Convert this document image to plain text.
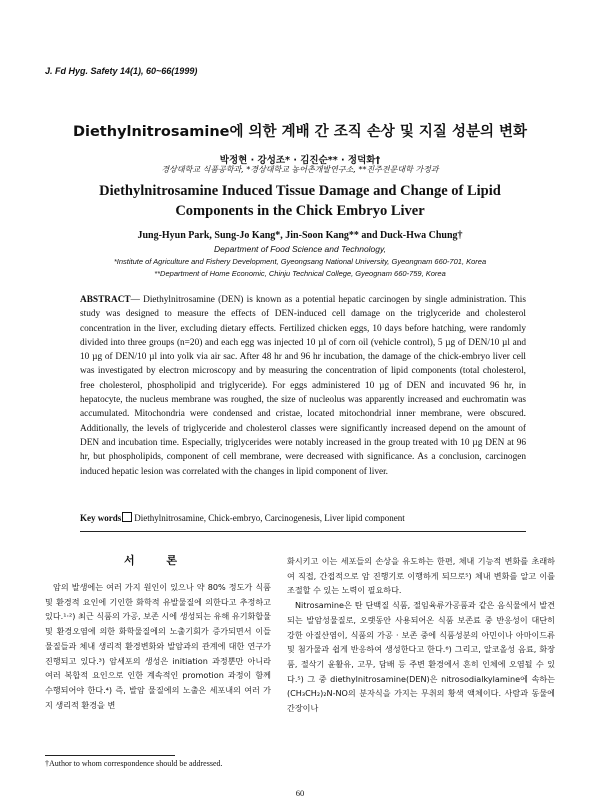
J. Fd Hyg. Safety 14(1), 60~66(1999)
Diethylnitrosamine에 의한 계배 간 조직 손상 및 지질 성분의 변화
박정현 · 강성조* · 김진순** · 정덕화†
경상대학교 식품공학과, *경상대학교 농어촌개발연구소, **진주전문대학 가정과
Diethylnitrosamine Induced Tissue Damage and Change of Lipid
Components in the Chick Embryo Liver
Jung-Hyun Park, Sung-Jo Kang*, Jin-Soon Kang** and Duck-Hwa Chung†
Department of Food Science and Technology,
*Institute of Agriculture and Fishery Development, Gyeongsang National University, Gyeongnam 660-701, Korea
**Department of Home Economic, Chinju Technical College, Gyeognam 660-759, Korea
ABSTRACT— Diethylnitrosamine (DEN) is known as a potential hepatic carcinogen by single administration. This study was designed to measure the effects of DEN-induced cell damage on the triglyceride and cholesterol concentration in the liver, excluding dietary effects. Fertilized chicken eggs, 10 days before hatching, were randomly divided into three groups (n=20) and each egg was injected 10 µl of corn oil (vehicle control), 5 µg of DEN/10 µl and 10 µg of DEN/10 µl into yolk via air sac. After 48 hr and 96 hr incubation, the damage of the chick-embryo liver cell was investigated by electron microscopy and by measuring the concentration of lipid components (total cholesterol, free cholesterol, phospholipid and triglyceride). For eggs administered 10 µg of DEN and incuvated 96 hr, in hepatocyte, the nucleus membrane was roughed, the size of nucleolus was apparently increased and euchromatin was accumulated. Mitochondria were condensed and cristae, located mitochondrial inner membrane, were obscured. Additionally, the levels of triglyceride and cholesterol classes were significantly increased depend on the amount of DEN and incubation time. Especially, triglycerides were notably increased in the group treated with 10 µg DEN at 96 hr, but phospholipids, component of cell membrane, were decreased with significance. As a conclusion, carcinogen induced hepatic lesion was correlated with the changes in lipid component of liver.
Key words Diethylnitrosamine, Chick-embryo, Carcinogenesis, Liver lipid component
서 론

암의 발생에는 여러 가지 원인이 있으나 약 80% 정도가 식품 및 환경적 요인에 기인한 화학적 유발물질에 의한다고 추정하고 있다.¹·²) 최근 식품의 가공, 보존 시에 생성되는 유해 유기화합물 및 환경오염에 의한 화학물질에의 노출기회가 증가되면서 이들 물질들과 체내 생리적 환경변화와 발암과의 관계에 대한 연구가 진행되고 있다.³) 암세포의 생성은 initiation 과정뿐만 아니라 여러 복합적 요인으로 인한 계속적인 promotion 과정이 함께 수행되어야 한다.⁴) 즉, 발암 물질에의 노출은 세포내의 여러 가지 생리적 환경을 변

화시키고 이는 세포들의 손상을 유도하는 한편, 체내 기능적 변화를 초래하여 직접, 간접적으로 암 진행기로 이행하게 되므로⁵) 체내 변화를 알고 이를 조절할 수 있는 노력이 필요하다.

Nitrosamine은 탄 단백질 식품, 절임육류가공품과 같은 음식물에서 발견되는 발암성물질로, 오랫동안 사용되어온 식품 보존료 중 반응성이 대단히 강한 아질산염이, 식품의 가공 · 보존 중에 식품성분의 아민이나 아마이드류 및 첨가물과 쉽게 반응하여 생성한다고 한다.⁶) 그리고, 알코올성 음료, 화장품, 절삭기 윤활유, 고무, 담배 등 주변 환경에서 흔히 인체에 오염될 수 있다.⁵) 그 중 diethylnitrosamine(DEN)은 nitrosodialkylamine에 속하는(CH₃CH₂)₂N-NO의 분자식을 가지는 무취의 황색 액체이다. 사람과 동물에 간장이나

†Author to whom correspondence should be addressed.
60
